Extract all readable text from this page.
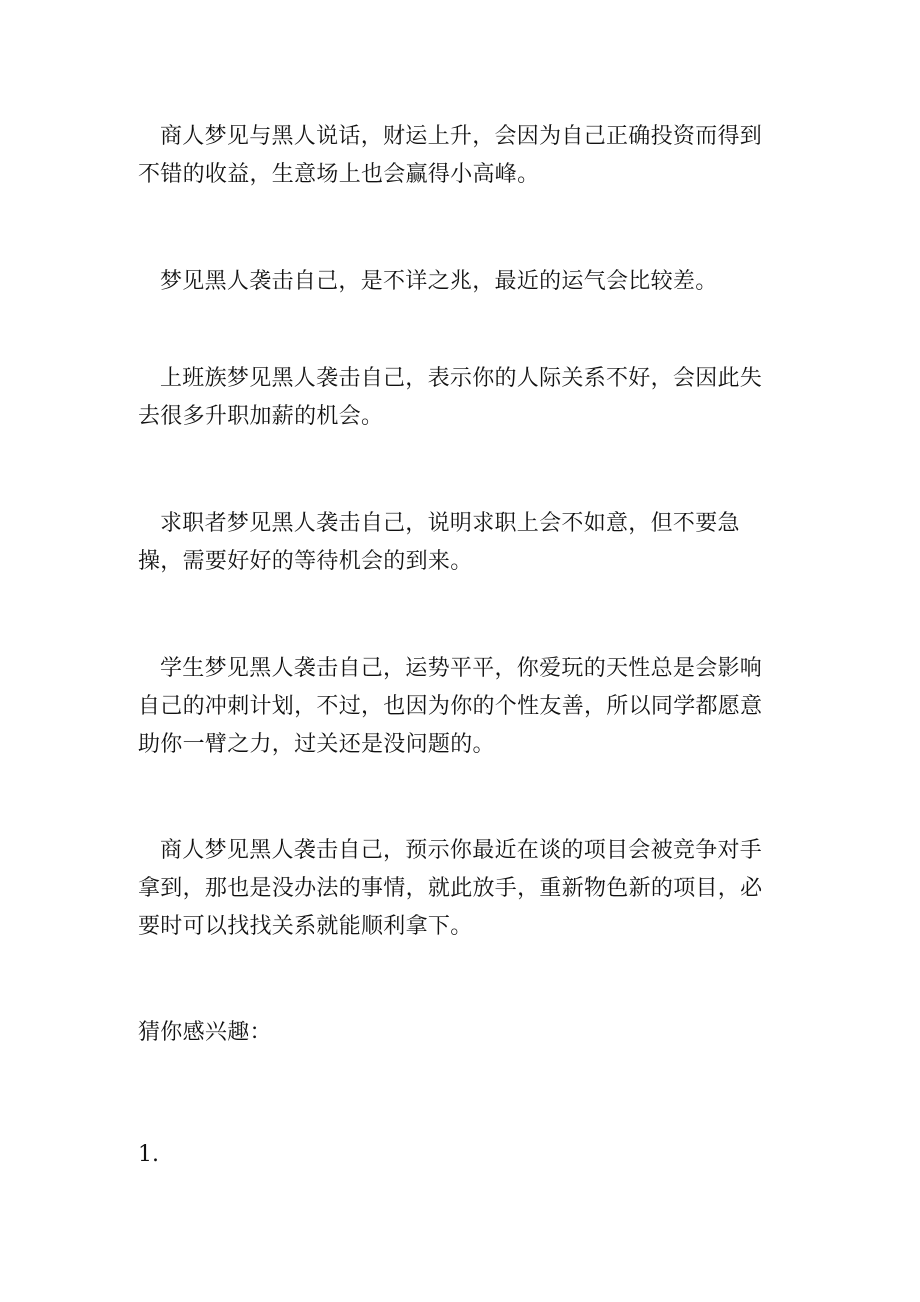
商人梦见与黑人说话，财运上升，会因为自己正确投资而得到不错的收益，生意场上也会赢得小高峰。

梦见黑人袭击自己，是不详之兆，最近的运气会比较差。

上班族梦见黑人袭击自己，表示你的人际关系不好，会因此失去很多升职加薪的机会。

求职者梦见黑人袭击自己，说明求职上会不如意，但不要急操，需要好好的等待机会的到来。

学生梦见黑人袭击自己，运势平平，你爱玩的天性总是会影响自己的冲刺计划，不过，也因为你的个性友善，所以同学都愿意助你一臂之力，过关还是没问题的。

商人梦见黑人袭击自己，预示你最近在谈的项目会被竞争对手拿到，那也是没办法的事情，就此放手，重新物色新的项目，必要时可以找找关系就能顺利拿下。

猜你感兴趣：

1.
